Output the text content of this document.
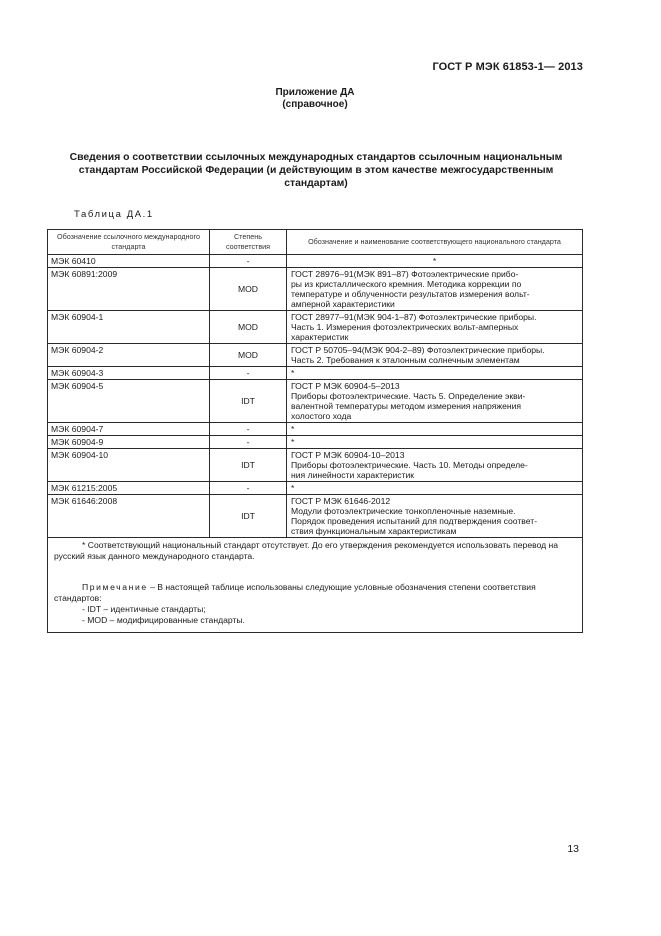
ГОСТ Р МЭК 61853-1— 2013
Приложение ДА
(справочное)
Сведения о соответствии ссылочных международных стандартов ссылочным национальным
стандартам Российской Федерации (и действующим в этом качестве межгосударственным
стандартам)
Таблица ДА.1
Обозначение ссылочного международного стандарта	Степень соответствия	Обозначение и наименование соответствующего национального стандарта
МЭК 60410	-	*
МЭК 60891:2009	MOD	ГОСТ 28976–91(МЭК 891–87) Фотоэлектрические прибо-
ры из кристаллического кремния. Методика коррекции по
температуре и облученности результатов измерения вольт-
амперной характеристики
МЭК 60904-1	MOD	ГОСТ 28977–91(МЭК 904-1–87) Фотоэлектрические приборы.
Часть 1. Измерения фотоэлектрических вольт-амперных
характеристик
МЭК 60904-2	MOD	ГОСТ Р 50705–94(МЭК 904-2–89) Фотоэлектрические приборы.
Часть 2. Требования к эталонным солнечным элементам
МЭК 60904-3	-	*
МЭК 60904-5	IDT	ГОСТ Р МЭК 60904-5–2013
Приборы фотоэлектрические. Часть 5. Определение экви-
валентной температуры методом измерения напряжения
холостого хода
МЭК 60904-7	-	*
МЭК 60904-9	-	*
МЭК 60904-10	IDT	ГОСТ Р МЭК 60904-10–2013
Приборы фотоэлектрические. Часть 10. Методы определе-
ния линейности характеристик
МЭК 61215:2005	-	*
МЭК 61646:2008	IDT	ГОСТ Р МЭК 61646-2012
Модули фотоэлектрические тонкопленочные наземные.
Порядок проведения испытаний для подтверждения соответ-
ствия функциональным характеристикам

* Соответствующий национальный стандарт отсутствует. До его утверждения рекомендуется использовать перевод на русский язык данного международного стандарта.

Примечание – В настоящей таблице использованы следующие условные обозначения степени соответствия стандартов:

- IDT – идентичные стандарты;

- MOD – модифицированные стандарты.		

13
